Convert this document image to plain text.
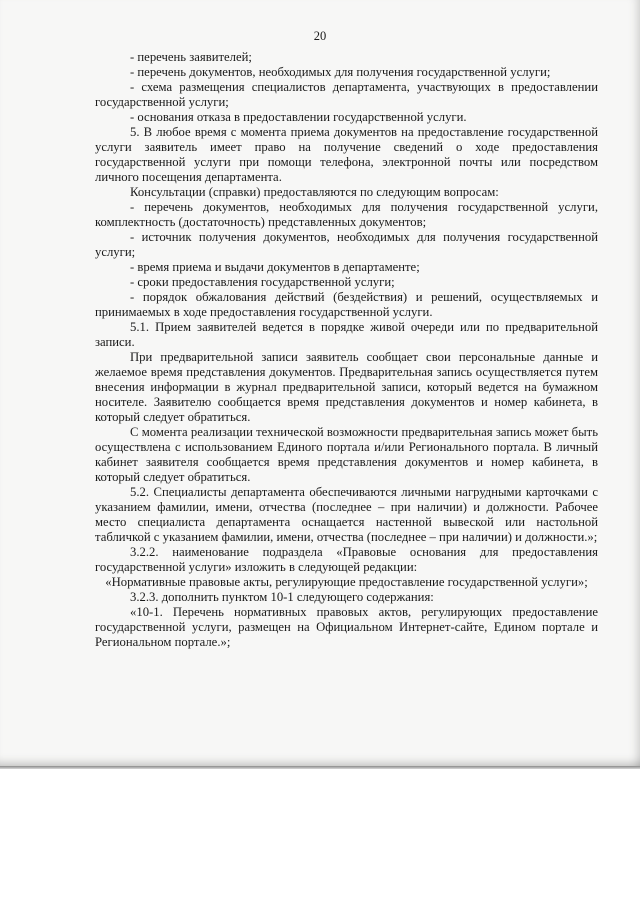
20

- перечень заявителей;

- перечень документов, необходимых для получения государственной услуги;

- схема размещения специалистов департамента, участвующих в предоставлении государственной услуги;

- основания отказа в предоставлении государственной услуги.

5. В любое время с момента приема документов на предоставление государственной услуги заявитель имеет право на получение сведений о ходе предоставления государственной услуги при помощи телефона, электронной почты или посредством личного посещения департамента.

Консультации (справки) предоставляются по следующим вопросам:

- перечень документов, необходимых для получения государственной услуги, комплектность (достаточность) представленных документов;

- источник получения документов, необходимых для получения государственной услуги;

- время приема и выдачи документов в департаменте;

- сроки предоставления государственной услуги;

- порядок обжалования действий (бездействия) и решений, осуществляемых и принимаемых в ходе предоставления государственной услуги.

5.1. Прием заявителей ведется в порядке живой очереди или по предварительной записи.

При предварительной записи заявитель сообщает свои персональные данные и желаемое время представления документов. Предварительная запись осуществляется путем внесения информации в журнал предварительной записи, который ведется на бумажном носителе. Заявителю сообщается время представления документов и номер кабинета, в который следует обратиться.

С момента реализации технической возможности предварительная запись может быть осуществлена с использованием Единого портала и/или Регионального портала. В личный кабинет заявителя сообщается время представления документов и номер кабинета, в который следует обратиться.

5.2. Специалисты департамента обеспечиваются личными нагрудными карточками с указанием фамилии, имени, отчества (последнее – при наличии) и должности. Рабочее место специалиста департамента оснащается настенной вывеской или настольной табличкой с указанием фамилии, имени, отчества (последнее – при наличии) и должности.»;

3.2.2. наименование подраздела «Правовые основания для предоставления государственной услуги» изложить в следующей редакции:

«Нормативные правовые акты, регулирующие предоставление государственной услуги»;

3.2.3. дополнить пунктом 10-1 следующего содержания:

«10-1. Перечень нормативных правовых актов, регулирующих предоставление государственной услуги, размещен на Официальном Интернет-сайте, Едином портале и Региональном портале.»;
